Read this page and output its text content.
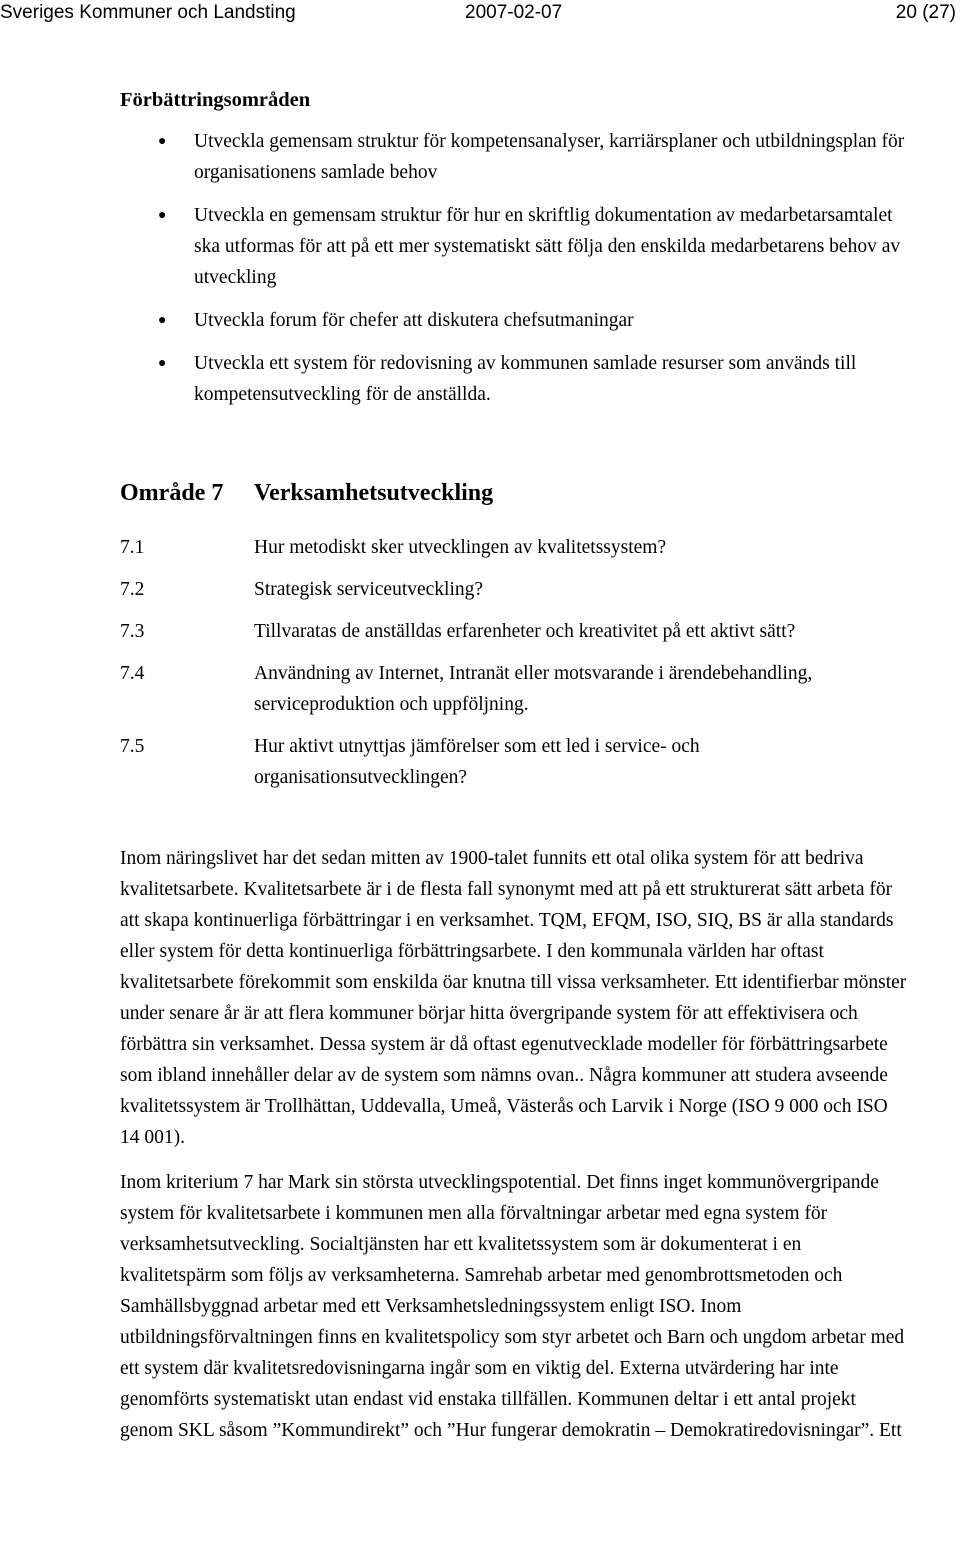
Sveriges Kommuner och Landsting	2007-02-07	20 (27)
Förbättringsområden
● Utveckla gemensam struktur för kompetensanalyser, karriärsplaner och utbildningsplan för organisationens samlade behov
● Utveckla en gemensam struktur för hur en skriftlig dokumentation av medarbetarsamtalet ska utformas för att på ett mer systematiskt sätt följa den enskilda medarbetarens behov av utveckling
● Utveckla forum för chefer att diskutera chefsutmaningar
● Utveckla ett system för redovisning av kommunen samlade resurser som används till kompetensutveckling för de anställda.
Område 7	Verksamhetsutveckling
7.1	Hur metodiskt sker utvecklingen av kvalitetssystem?
7.2	Strategisk serviceutveckling?
7.3	Tillvaratas de anställdas erfarenheter och kreativitet på ett aktivt sätt?
7.4	Användning av Internet, Intranät eller motsvarande i ärendebehandling, serviceproduktion och uppföljning.
7.5	Hur aktivt utnyttjas jämförelser som ett led i service- och organisationsutvecklingen?

Inom näringslivet har det sedan mitten av 1900-talet funnits ett otal olika system för att bedriva kvalitetsarbete. Kvalitetsarbete är i de flesta fall synonymt med att på ett strukturerat sätt arbeta för att skapa kontinuerliga förbättringar i en verksamhet. TQM, EFQM, ISO, SIQ, BS är alla standards eller system för detta kontinuerliga förbättringsarbete. I den kommunala världen har oftast kvalitetsarbete förekommit som enskilda öar knutna till vissa verksamheter. Ett identifierbar mönster under senare år är att flera kommuner börjar hitta övergripande system för att effektivisera och förbättra sin verksamhet. Dessa system är då oftast egenutvecklade modeller för förbättringsarbete som ibland innehåller delar av de system som nämns ovan.. Några kommuner att studera avseende kvalitetssystem är Trollhättan, Uddevalla, Umeå, Västerås och Larvik i Norge (ISO 9 000 och ISO 14 001).

Inom kriterium 7 har Mark sin största utvecklingspotential. Det finns inget kommunövergripande system för kvalitetsarbete i kommunen men alla förvaltningar arbetar med egna system för verksamhetsutveckling. Socialtjänsten har ett kvalitetssystem som är dokumenterat i en kvalitetspärm som följs av verksamheterna. Samrehab arbetar med genombrottsmetoden och Samhällsbyggnad arbetar med ett Verksamhetsledningssystem enligt ISO. Inom utbildningsförvaltningen finns en kvalitetspolicy som styr arbetet och Barn och ungdom arbetar med ett system där kvalitetsredovisningarna ingår som en viktig del. Externa utvärdering har inte genomförts systematiskt utan endast vid enstaka tillfällen. Kommunen deltar i ett antal projekt genom SKL såsom ”Kommundirekt” och ”Hur fungerar demokratin – Demokratiredovisningar”. Ett
